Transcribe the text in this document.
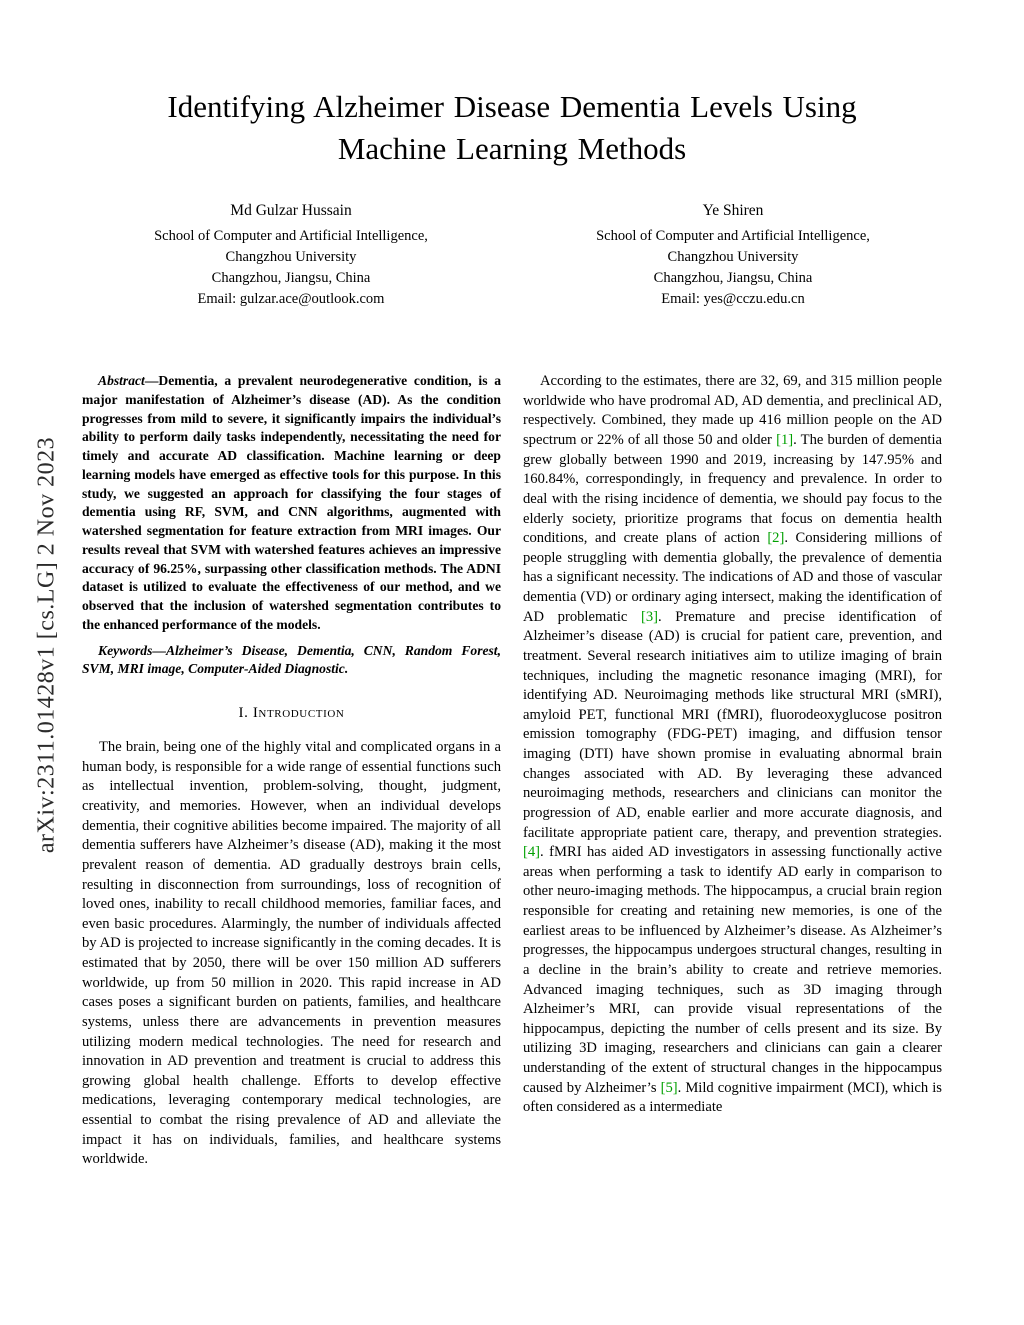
arXiv:2311.01428v1 [cs.LG] 2 Nov 2023
Identifying Alzheimer Disease Dementia Levels Using Machine Learning Methods
Md Gulzar Hussain
School of Computer and Artificial Intelligence,
Changzhou University
Changzhou, Jiangsu, China
Email: gulzar.ace@outlook.com
Ye Shiren
School of Computer and Artificial Intelligence,
Changzhou University
Changzhou, Jiangsu, China
Email: yes@cczu.edu.cn

Abstract—Dementia, a prevalent neurodegenerative condition, is a major manifestation of Alzheimer’s disease (AD). As the condition progresses from mild to severe, it significantly impairs the individual’s ability to perform daily tasks independently, necessitating the need for timely and accurate AD classification. Machine learning or deep learning models have emerged as effective tools for this purpose. In this study, we suggested an approach for classifying the four stages of dementia using RF, SVM, and CNN algorithms, augmented with watershed segmentation for feature extraction from MRI images. Our results reveal that SVM with watershed features achieves an impressive accuracy of 96.25%, surpassing other classification methods. The ADNI dataset is utilized to evaluate the effectiveness of our method, and we observed that the inclusion of watershed segmentation contributes to the enhanced performance of the models.

Keywords—Alzheimer’s Disease, Dementia, CNN, Random Forest, SVM, MRI image, Computer-Aided Diagnostic.

I. Introduction

The brain, being one of the highly vital and complicated organs in a human body, is responsible for a wide range of essential functions such as intellectual invention, problem-solving, thought, judgment, creativity, and memories. However, when an individual develops dementia, their cognitive abilities become impaired. The majority of all dementia sufferers have Alzheimer’s disease (AD), making it the most prevalent reason of dementia. AD gradually destroys brain cells, resulting in disconnection from surroundings, loss of recognition of loved ones, inability to recall childhood memories, familiar faces, and even basic procedures. Alarmingly, the number of individuals affected by AD is projected to increase significantly in the coming decades. It is estimated that by 2050, there will be over 150 million AD sufferers worldwide, up from 50 million in 2020. This rapid increase in AD cases poses a significant burden on patients, families, and healthcare systems, unless there are advancements in prevention measures utilizing modern medical technologies. The need for research and innovation in AD prevention and treatment is crucial to address this growing global health challenge. Efforts to develop effective medications, leveraging contemporary medical technologies, are essential to combat the rising prevalence of AD and alleviate the impact it has on individuals, families, and healthcare systems worldwide.

According to the estimates, there are 32, 69, and 315 million people worldwide who have prodromal AD, AD dementia, and preclinical AD, respectively. Combined, they made up 416 million people on the AD spectrum or 22% of all those 50 and older [1]. The burden of dementia grew globally between 1990 and 2019, increasing by 147.95% and 160.84%, correspondingly, in frequency and prevalence. In order to deal with the rising incidence of dementia, we should pay focus to the elderly society, prioritize programs that focus on dementia health conditions, and create plans of action [2]. Considering millions of people struggling with dementia globally, the prevalence of dementia has a significant necessity. The indications of AD and those of vascular dementia (VD) or ordinary aging intersect, making the identification of AD problematic [3]. Premature and precise identification of Alzheimer’s disease (AD) is crucial for patient care, prevention, and treatment. Several research initiatives aim to utilize imaging of brain techniques, including the magnetic resonance imaging (MRI), for identifying AD. Neuroimaging methods like structural MRI (sMRI), amyloid PET, functional MRI (fMRI), fluorodeoxyglucose positron emission tomography (FDG-PET) imaging, and diffusion tensor imaging (DTI) have shown promise in evaluating abnormal brain changes associated with AD. By leveraging these advanced neuroimaging methods, researchers and clinicians can monitor the progression of AD, enable earlier and more accurate diagnosis, and facilitate appropriate patient care, therapy, and prevention strategies. [4]. fMRI has aided AD investigators in assessing functionally active areas when performing a task to identify AD early in comparison to other neuro-imaging methods. The hippocampus, a crucial brain region responsible for creating and retaining new memories, is one of the earliest areas to be influenced by Alzheimer’s disease. As Alzheimer’s progresses, the hippocampus undergoes structural changes, resulting in a decline in the brain’s ability to create and retrieve memories. Advanced imaging techniques, such as 3D imaging through Alzheimer’s MRI, can provide visual representations of the hippocampus, depicting the number of cells present and its size. By utilizing 3D imaging, researchers and clinicians can gain a clearer understanding of the extent of structural changes in the hippocampus caused by Alzheimer’s [5]. Mild cognitive impairment (MCI), which is often considered as a intermediate
